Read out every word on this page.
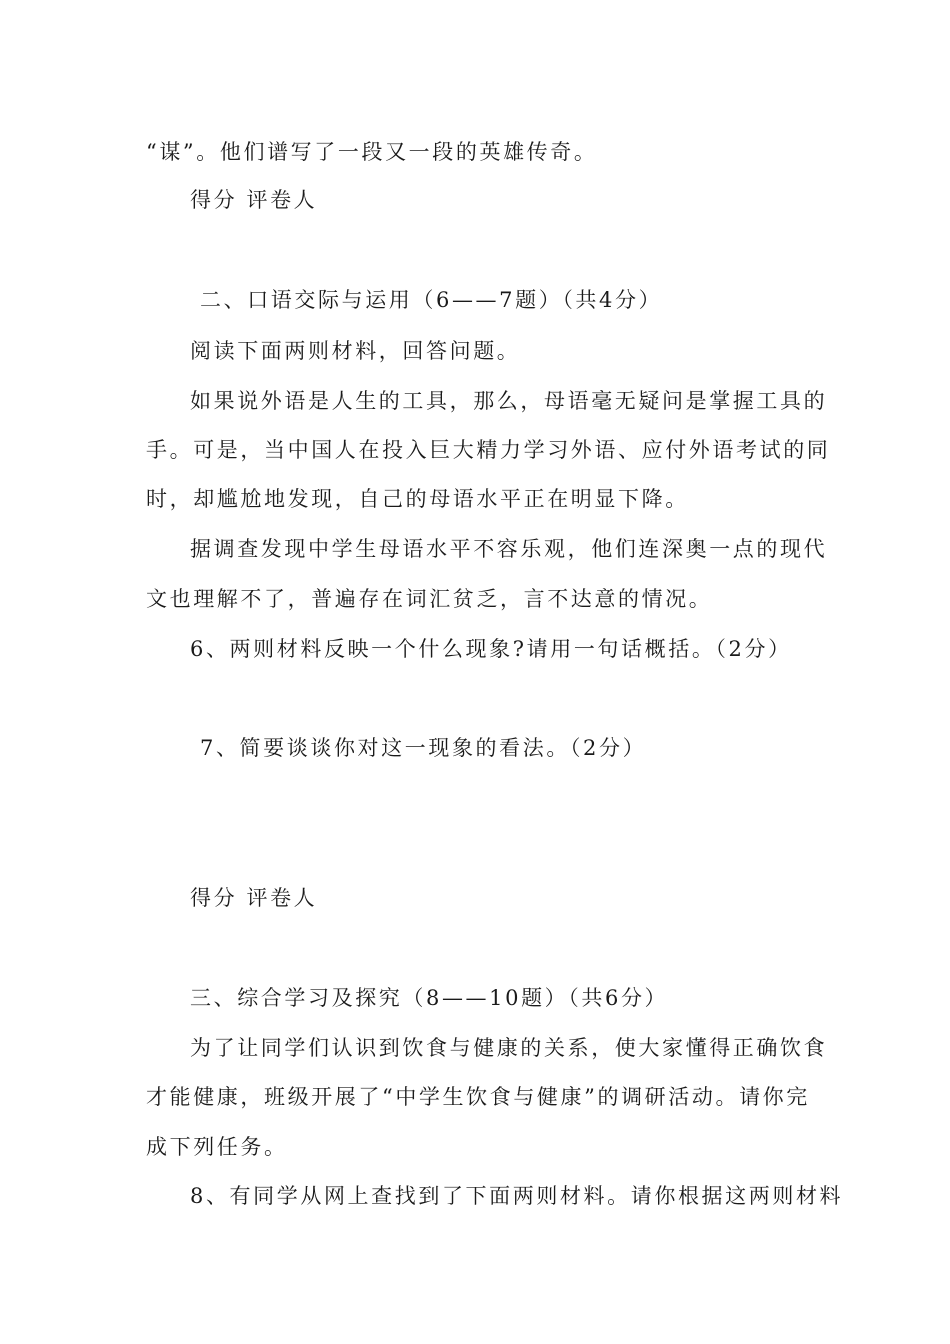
“谋”。他们谱写了一段又一段的英雄传奇。
得分 评卷人
二、口语交际与运用（6——7题）（共4分）
阅读下面两则材料，回答问题。
如果说外语是人生的工具，那么，母语毫无疑问是掌握工具的
手。可是，当中国人在投入巨大精力学习外语、应付外语考试的同
时，却尴尬地发现，自己的母语水平正在明显下降。
据调查发现中学生母语水平不容乐观，他们连深奥一点的现代
文也理解不了，普遍存在词汇贫乏，言不达意的情况。
6、两则材料反映一个什么现象?请用一句话概括。（2分）
7、简要谈谈你对这一现象的看法。（2分）
得分 评卷人
三、综合学习及探究（8——10题）（共6分）
为了让同学们认识到饮食与健康的关系，使大家懂得正确饮食
才能健康，班级开展了“中学生饮食与健康”的调研活动。请你完
成下列任务。
8、有同学从网上查找到了下面两则材料。请你根据这两则材料
